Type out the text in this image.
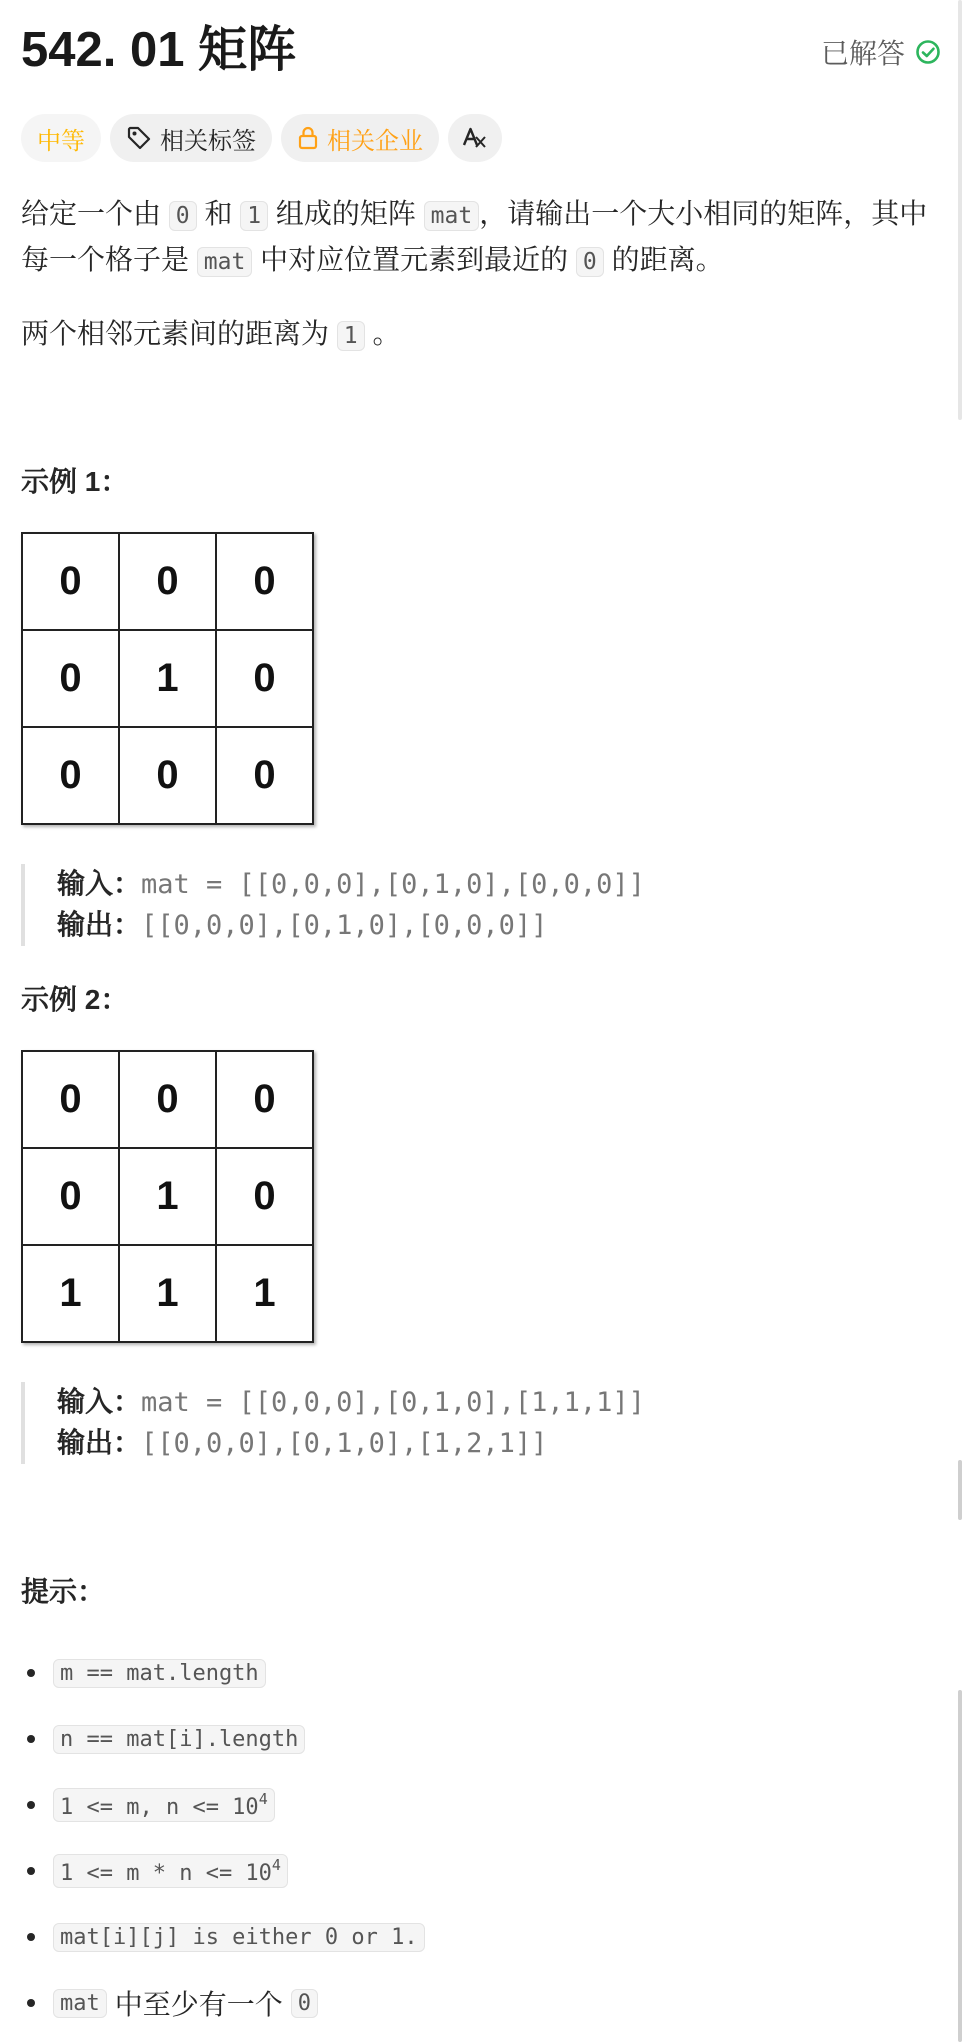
542. 01 矩阵	已解答
中等	相关标签	相关企业
给定一个由 0 和 1 组成的矩阵 mat ，请输出一个大小相同的矩阵，其中每一个格子是 mat 中对应位置元素到最近的 0 的距离。
两个相邻元素间的距离为 1 。
示例 1：
0	0	0
0	1	0
0	0	0
输入：mat = [[0,0,0],[0,1,0],[0,0,0]]
输出：[[0,0,0],[0,1,0],[0,0,0]]
示例 2：
0	0	0
0	1	0
1	1	1
输入：mat = [[0,0,0],[0,1,0],[1,1,1]]
输出：[[0,0,0],[0,1,0],[1,2,1]]
提示：
m == mat.length
n == mat[i].length
1 <= m, $n <= 10^4$
$1 <= m * n <= 10^4$
mat[i][j] is either 0 or 1.
mat 中至少有一个 0
